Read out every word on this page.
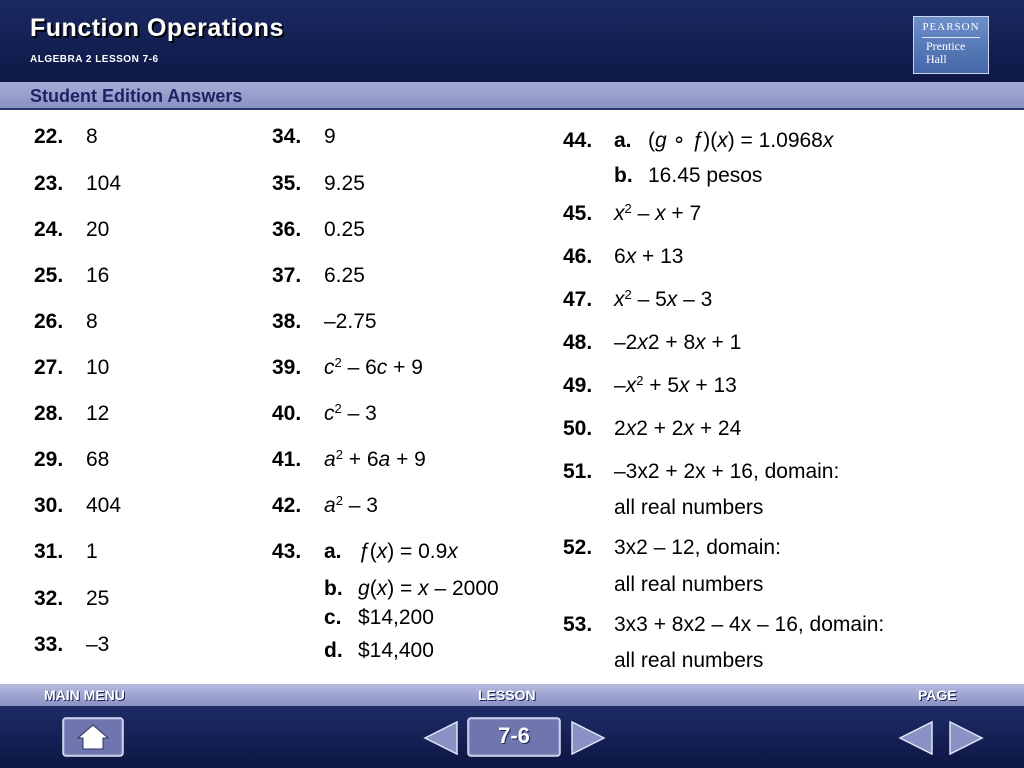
Function Operations
ALGEBRA 2 LESSON 7-6
PEARSON
Prentice
Hall
Student Edition Answers
22. 8
23. 104
24. 20
25. 16
26. 8
27. 10
28. 12
29. 68
30. 404
31. 1
32. 25
33. –3
34. 9
35. 9.25
36. 0.25
37. 6.25
38. –2.75
39. $c^2 - 6c + 9$
40. $c^2 - 3$
41. $a^2 + 6a + 9$
42. $a^2 - 3$
43. a. ƒ(x) = 0.9x
b. g(x) = x – 2000
c. $14,200
d. $14,400
44. a. (g ∘ ƒ)(x) = 1.0968x
b. 16.45 pesos
45. $x^2 - x + 7$
46. 6x + 13
47. $x^2 - 5x - 3$
48. –2x2 + 8x + 1
49. $-x^2 + 5x + 13$
50. 2x2 + 2x + 24
51. –3x2 + 2x + 16, domain:
all real numbers
52. 3x2 – 12, domain:
all real numbers
53. 3x3 + 8x2 – 4x – 16, domain:
all real numbers
MAIN MENU	LESSON	PAGE
7-6
